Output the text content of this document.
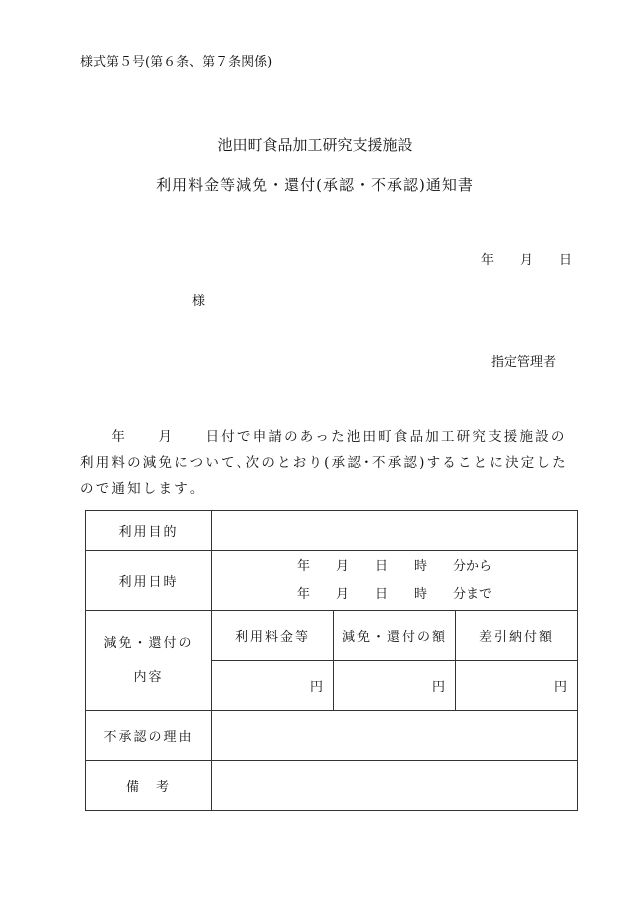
様式第５号(第６条、第７条関係)
池田町食品加工研究支援施設
利用料金等減免・還付(承認・不承認)通知書
年　　月　　日
様
指定管理者
　　年　　月　　日付で申請のあった池田町食品加工研究支援施設の利用料の減免について､次のとおり(承認･不承認)することに決定したので通知します｡
利用目的			
利用日時	年　　月　　日　　時　　分から
年　　月　　日　　時　　分まで		

減免・還付の
内容	利用料金等	減免・還付の額	差引納付額
	円	円	円
不承認の理由			
備　考			
